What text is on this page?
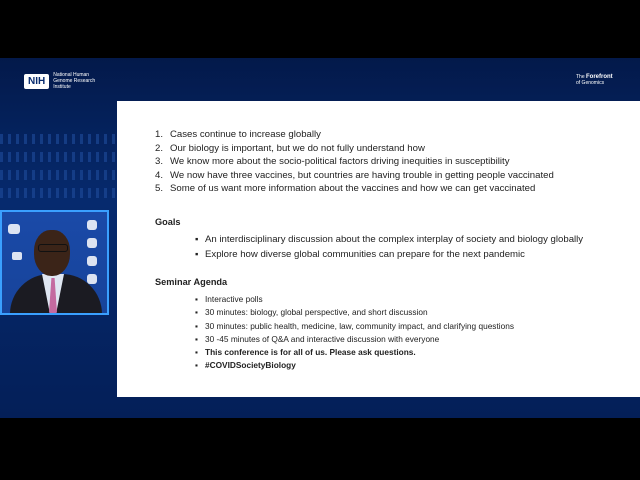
NIH
National Human Genome Research Institute
The Forefront
of Genomics
1. Cases continue to increase globally
2. Our biology is important, but we do not fully understand how
3. We know more about the socio-political factors driving inequities in susceptibility
4. We now have three vaccines, but countries are having trouble in getting people vaccinated
5. Some of us want more information about the vaccines and how we can get vaccinated
Goals
▪ An interdisciplinary discussion about the complex interplay of society and biology globally
▪ Explore how diverse global communities can prepare for the next pandemic
Seminar Agenda
▪ Interactive polls
▪ 30 minutes: biology, global perspective, and short discussion
▪ 30 minutes: public health, medicine, law, community impact, and clarifying questions
▪ 30 -45 minutes of Q&A and interactive discussion with everyone
▪ This conference is for all of us. Please ask questions.
▪ #COVIDSocietyBiology
